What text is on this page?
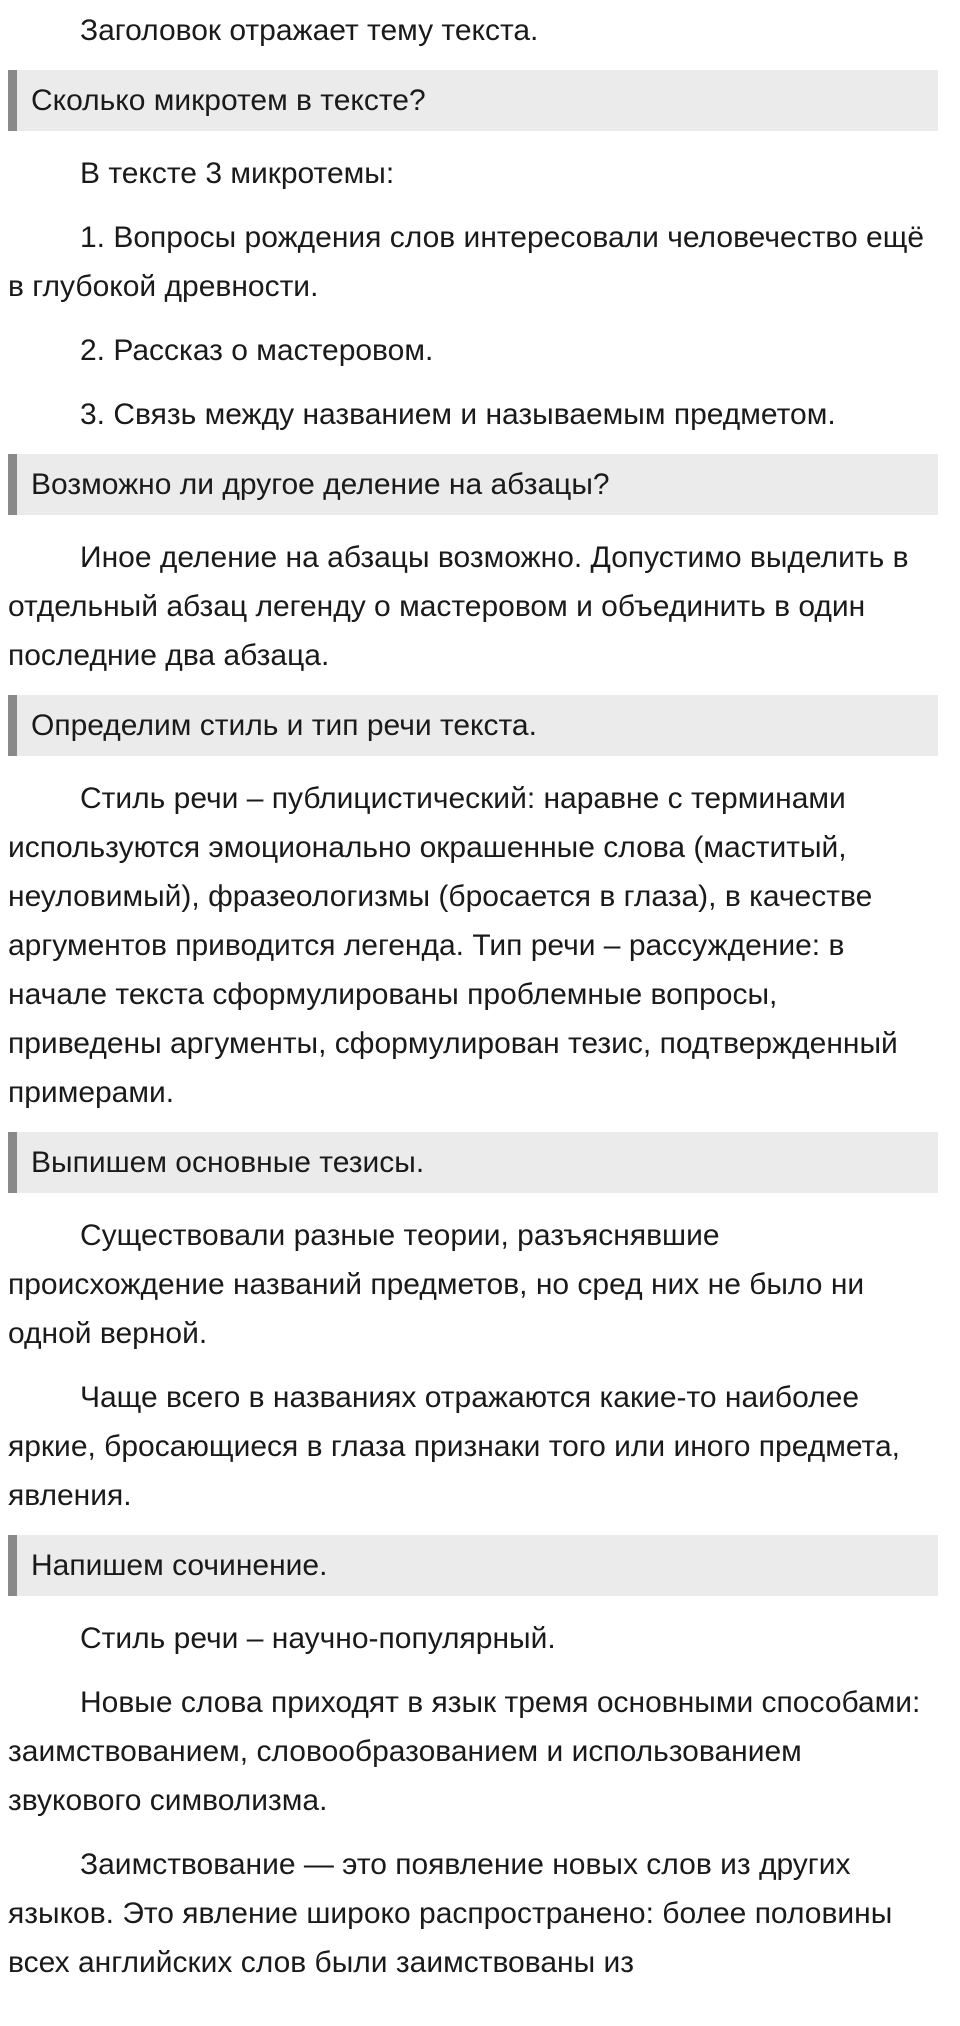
Заголовок отражает тему текста.

Сколько микротем в тексте?

В тексте 3 микротемы:

1. Вопросы рождения слов интересовали человечество ещё в глубокой древности.

2. Рассказ о мастеровом.

3. Связь между названием и называемым предметом.

Возможно ли другое деление на абзацы?

Иное деление на абзацы возможно. Допустимо выделить в отдельный абзац легенду о мастеровом и объединить в один последние два абзаца.

Определим стиль и тип речи текста.

Стиль речи – публицистический: наравне с терминами используются эмоционально окрашенные слова (маститый, неуловимый), фразеологизмы (бросается в глаза), в качестве аргументов приводится легенда. Тип речи – рассуждение: в начале текста сформулированы проблемные вопросы, приведены аргументы, сформулирован тезис, подтвержденный примерами.

Выпишем основные тезисы.

Существовали разные теории, разъяснявшие происхождение названий предметов, но сред них не было ни одной верной.

Чаще всего в названиях отражаются какие-то наиболее яркие, бросающиеся в глаза признаки того или иного предмета, явления.

Напишем сочинение.

Стиль речи – научно-популярный.

Новые слова приходят в язык тремя основными способами: заимствованием, словообразованием и использованием звукового символизма.

Заимствование — это появление новых слов из других языков. Это явление широко распространено: более половины всех английских слов были заимствованы из
